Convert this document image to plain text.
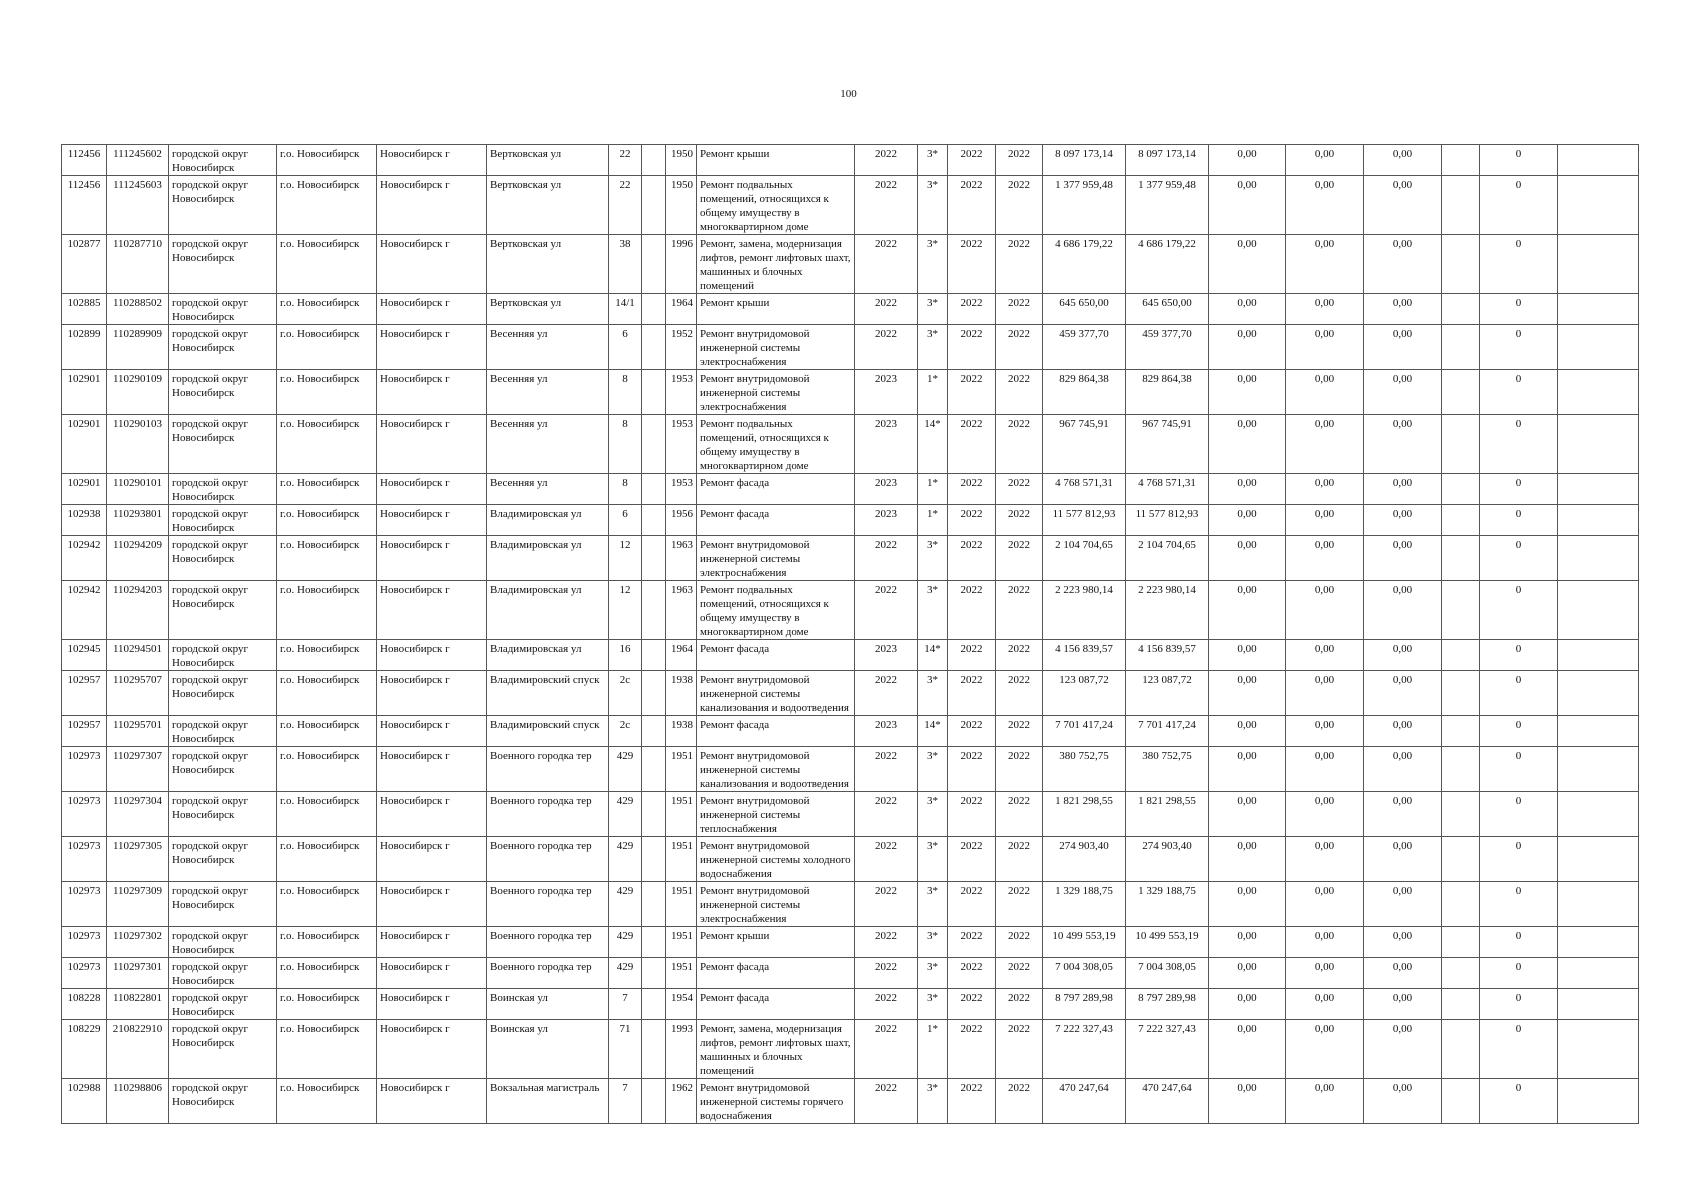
100
112456	111245602	городской округ Новосибирск	г.о. Новосибирск	Новосибирск г	Вертковская ул	22		1950	Ремонт крыши	2022	3*	2022	2022	8 097 173,14	8 097 173,14	0,00	0,00	0,00		0	
112456	111245603	городской округ Новосибирск	г.о. Новосибирск	Новосибирск г	Вертковская ул	22		1950	Ремонт подвальных помещений, относящихся к общему имуществу в многоквартирном доме	2022	3*	2022	2022	1 377 959,48	1 377 959,48	0,00	0,00	0,00		0	
102877	110287710	городской округ Новосибирск	г.о. Новосибирск	Новосибирск г	Вертковская ул	38		1996	Ремонт, замена, модернизация лифтов, ремонт лифтовых шахт, машинных и блочных помещений	2022	3*	2022	2022	4 686 179,22	4 686 179,22	0,00	0,00	0,00		0	
102885	110288502	городской округ Новосибирск	г.о. Новосибирск	Новосибирск г	Вертковская ул	14/1		1964	Ремонт крыши	2022	3*	2022	2022	645 650,00	645 650,00	0,00	0,00	0,00		0	
102899	110289909	городской округ Новосибирск	г.о. Новосибирск	Новосибирск г	Весенняя ул	6		1952	Ремонт внутридомовой инженерной системы электроснабжения	2022	3*	2022	2022	459 377,70	459 377,70	0,00	0,00	0,00		0	
102901	110290109	городской округ Новосибирск	г.о. Новосибирск	Новосибирск г	Весенняя ул	8		1953	Ремонт внутридомовой инженерной системы электроснабжения	2023	1*	2022	2022	829 864,38	829 864,38	0,00	0,00	0,00		0	
102901	110290103	городской округ Новосибирск	г.о. Новосибирск	Новосибирск г	Весенняя ул	8		1953	Ремонт подвальных помещений, относящихся к общему имуществу в многоквартирном доме	2023	14*	2022	2022	967 745,91	967 745,91	0,00	0,00	0,00		0	
102901	110290101	городской округ Новосибирск	г.о. Новосибирск	Новосибирск г	Весенняя ул	8		1953	Ремонт фасада	2023	1*	2022	2022	4 768 571,31	4 768 571,31	0,00	0,00	0,00		0	
102938	110293801	городской округ Новосибирск	г.о. Новосибирск	Новосибирск г	Владимировская ул	6		1956	Ремонт фасада	2023	1*	2022	2022	11 577 812,93	11 577 812,93	0,00	0,00	0,00		0	
102942	110294209	городской округ Новосибирск	г.о. Новосибирск	Новосибирск г	Владимировская ул	12		1963	Ремонт внутридомовой инженерной системы электроснабжения	2022	3*	2022	2022	2 104 704,65	2 104 704,65	0,00	0,00	0,00		0	
102942	110294203	городской округ Новосибирск	г.о. Новосибирск	Новосибирск г	Владимировская ул	12		1963	Ремонт подвальных помещений, относящихся к общему имуществу в многоквартирном доме	2022	3*	2022	2022	2 223 980,14	2 223 980,14	0,00	0,00	0,00		0	
102945	110294501	городской округ Новосибирск	г.о. Новосибирск	Новосибирск г	Владимировская ул	16		1964	Ремонт фасада	2023	14*	2022	2022	4 156 839,57	4 156 839,57	0,00	0,00	0,00		0	
102957	110295707	городской округ Новосибирск	г.о. Новосибирск	Новосибирск г	Владимировский спуск	2с		1938	Ремонт внутридомовой инженерной системы канализования и водоотведения	2022	3*	2022	2022	123 087,72	123 087,72	0,00	0,00	0,00		0	
102957	110295701	городской округ Новосибирск	г.о. Новосибирск	Новосибирск г	Владимировский спуск	2с		1938	Ремонт фасада	2023	14*	2022	2022	7 701 417,24	7 701 417,24	0,00	0,00	0,00		0	
102973	110297307	городской округ Новосибирск	г.о. Новосибирск	Новосибирск г	Военного городка тер	429		1951	Ремонт внутридомовой инженерной системы канализования и водоотведения	2022	3*	2022	2022	380 752,75	380 752,75	0,00	0,00	0,00		0	
102973	110297304	городской округ Новосибирск	г.о. Новосибирск	Новосибирск г	Военного городка тер	429		1951	Ремонт внутридомовой инженерной системы теплоснабжения	2022	3*	2022	2022	1 821 298,55	1 821 298,55	0,00	0,00	0,00		0	
102973	110297305	городской округ Новосибирск	г.о. Новосибирск	Новосибирск г	Военного городка тер	429		1951	Ремонт внутридомовой инженерной системы холодного водоснабжения	2022	3*	2022	2022	274 903,40	274 903,40	0,00	0,00	0,00		0	
102973	110297309	городской округ Новосибирск	г.о. Новосибирск	Новосибирск г	Военного городка тер	429		1951	Ремонт внутридомовой инженерной системы электроснабжения	2022	3*	2022	2022	1 329 188,75	1 329 188,75	0,00	0,00	0,00		0	
102973	110297302	городской округ Новосибирск	г.о. Новосибирск	Новосибирск г	Военного городка тер	429		1951	Ремонт крыши	2022	3*	2022	2022	10 499 553,19	10 499 553,19	0,00	0,00	0,00		0	
102973	110297301	городской округ Новосибирск	г.о. Новосибирск	Новосибирск г	Военного городка тер	429		1951	Ремонт фасада	2022	3*	2022	2022	7 004 308,05	7 004 308,05	0,00	0,00	0,00		0	
108228	110822801	городской округ Новосибирск	г.о. Новосибирск	Новосибирск г	Воинская ул	7		1954	Ремонт фасада	2022	3*	2022	2022	8 797 289,98	8 797 289,98	0,00	0,00	0,00		0	
108229	210822910	городской округ Новосибирск	г.о. Новосибирск	Новосибирск г	Воинская ул	71		1993	Ремонт, замена, модернизация лифтов, ремонт лифтовых шахт, машинных и блочных помещений	2022	1*	2022	2022	7 222 327,43	7 222 327,43	0,00	0,00	0,00		0	
102988	110298806	городской округ Новосибирск	г.о. Новосибирск	Новосибирск г	Вокзальная магистраль	7		1962	Ремонт внутридомовой инженерной системы горячего водоснабжения	2022	3*	2022	2022	470 247,64	470 247,64	0,00	0,00	0,00		0	
